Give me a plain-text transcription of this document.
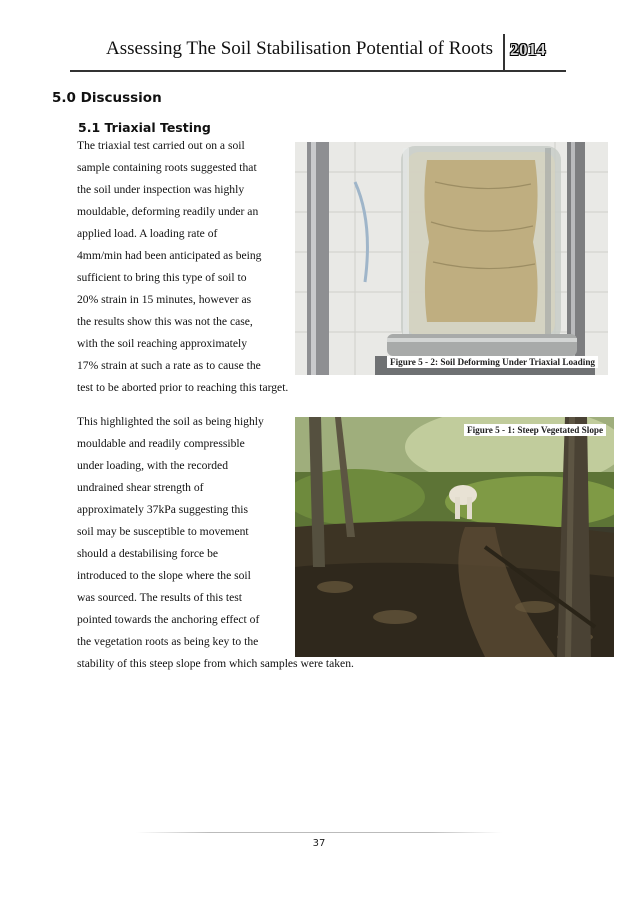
Assessing The Soil Stabilisation Potential of Roots 2014
5.0 Discussion
5.1 Triaxial Testing
The triaxial test carried out on a soil
sample containing roots suggested that
the soil under inspection was highly
mouldable, deforming readily under an
applied load. A loading rate of
4mm/min had been anticipated as being
sufficient to bring this type of soil to
20% strain in 15 minutes, however as
the results show this was not the case,
with the soil reaching approximately
17% strain at such a rate as to cause the
test to be aborted prior to reaching this target.
Figure 5 - 2: Soil Deforming Under Triaxial Loading
This highlighted the soil as being highly
mouldable and readily compressible
under loading, with the recorded
undrained shear strength of
approximately 37kPa suggesting this
soil may be susceptible to movement
should a destabilising force be
introduced to the slope where the soil
was sourced. The results of this test
pointed towards the anchoring effect of
the vegetation roots as being key to the
stability of this steep slope from which samples were taken.
Figure 5 - 1: Steep Vegetated Slope
37
